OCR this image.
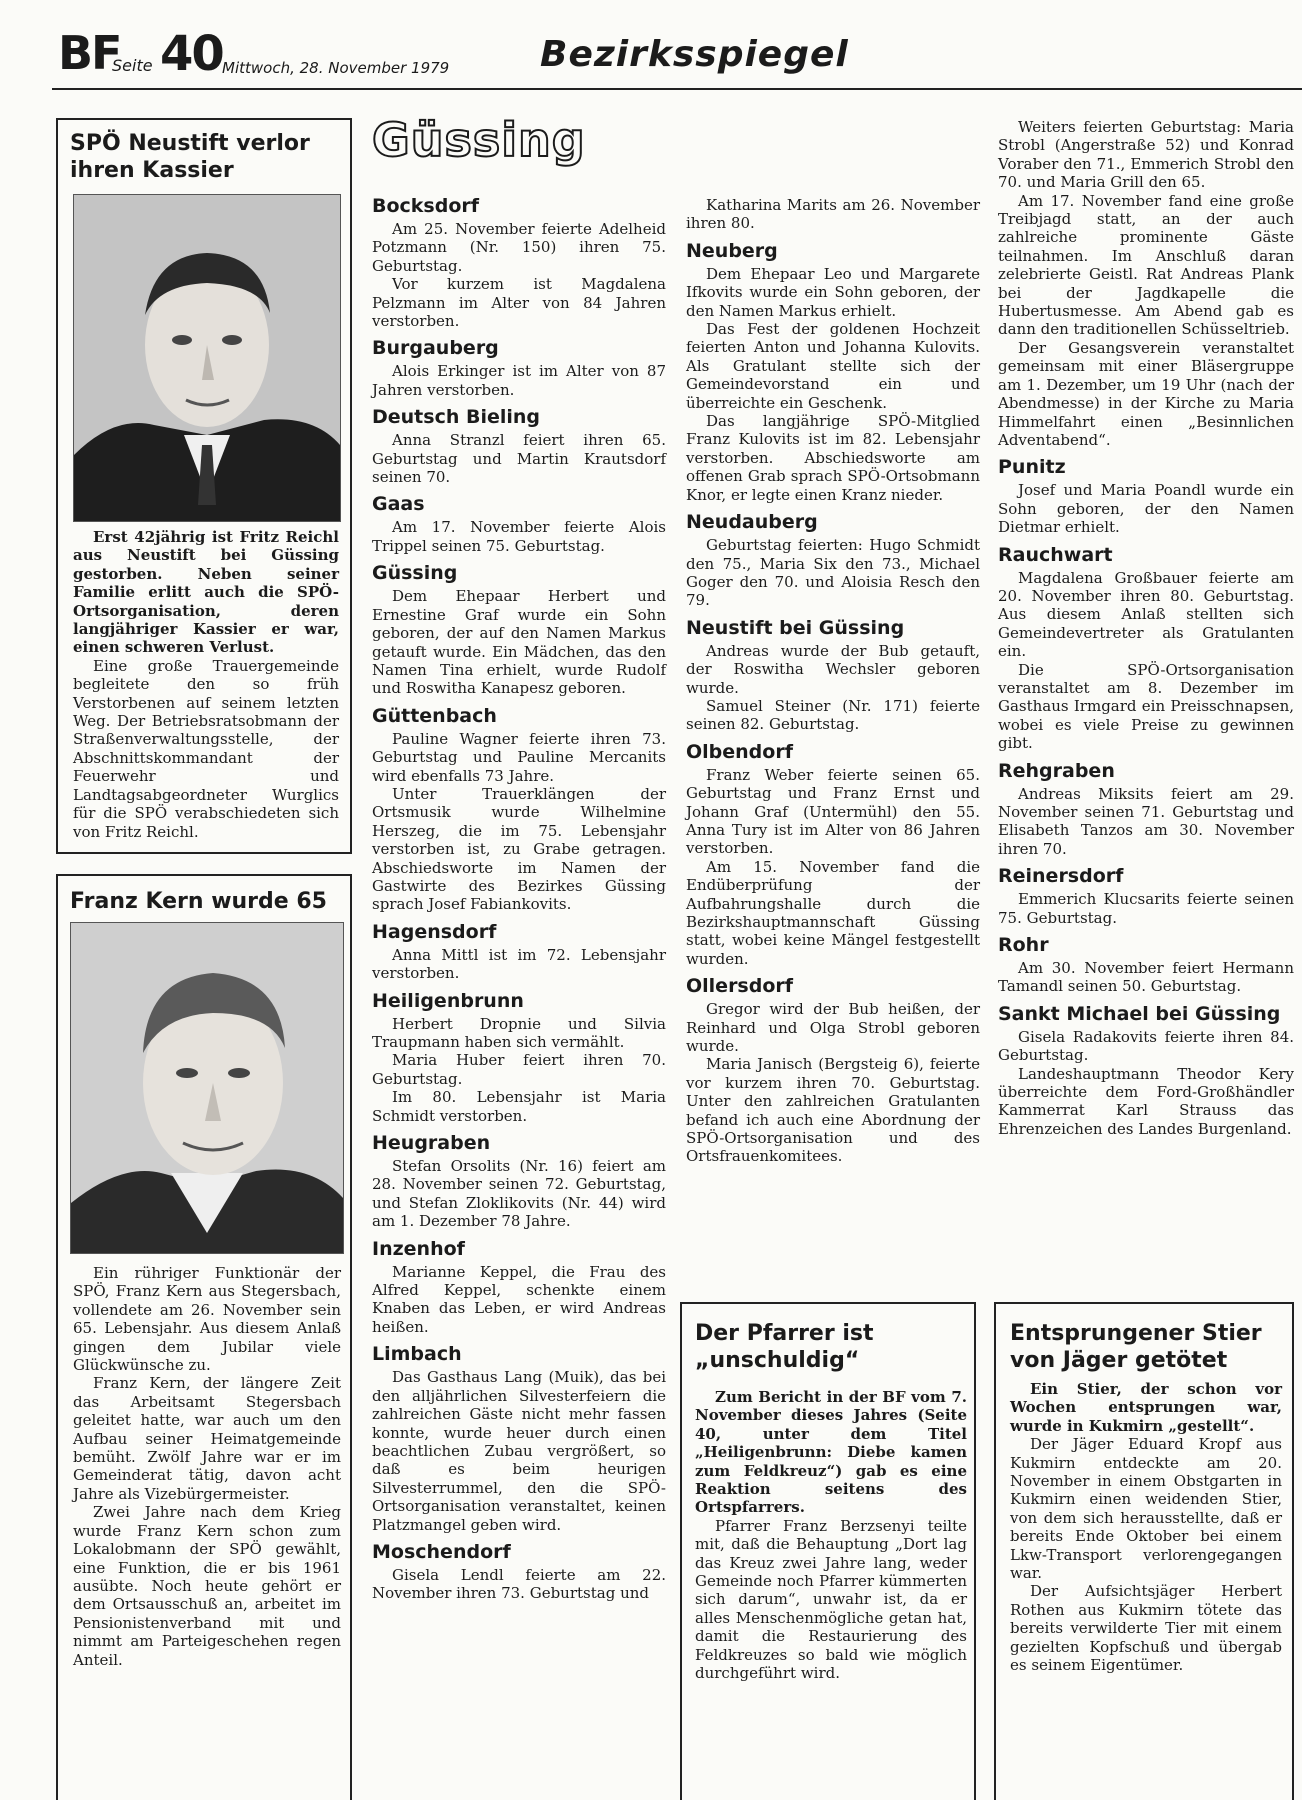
BF
Seite 40 Mittwoch, 28. November 1979	Bezirksspiegel

SPÖ Neustift verlor

ihren Kassier

Erst 42jährig ist Fritz Reichl aus Neustift bei Güssing gestorben. Neben seiner Familie erlitt auch die SPÖ-Ortsorganisation, deren langjähriger Kassier er war, einen schweren Verlust.

Eine große Trauergemeinde begleitete den so früh Verstorbenen auf seinem letzten Weg. Der Betriebsratsobmann der Straßenverwaltungsstelle, der Abschnittskommandant der Feuerwehr und Landtagsabgeordneter Wurglics für die SPÖ verabschiedeten sich von Fritz Reichl.

Franz Kern wurde 65

Ein rühriger Funktionär der SPÖ, Franz Kern aus Stegersbach, vollendete am 26. November sein 65. Lebensjahr. Aus diesem Anlaß gingen dem Jubilar viele Glückwünsche zu.

Franz Kern, der längere Zeit das Arbeitsamt Stegersbach geleitet hatte, war auch um den Aufbau seiner Heimatgemeinde bemüht. Zwölf Jahre war er im Gemeinderat tätig, davon acht Jahre als Vizebürgermeister.

Zwei Jahre nach dem Krieg wurde Franz Kern schon zum Lokalobmann der SPÖ gewählt, eine Funktion, die er bis 1961 ausübte. Noch heute gehört er dem Ortsausschuß an, arbeitet im Pensionistenverband mit und nimmt am Parteigeschehen regen Anteil.

Güssing
Bocksdorf

Am 25. November feierte Adelheid Potzmann (Nr. 150) ihren 75. Geburtstag.

Vor kurzem ist Magdalena Pelzmann im Alter von 84 Jahren verstorben.

Burgauberg

Alois Erkinger ist im Alter von 87 Jahren verstorben.

Deutsch Bieling

Anna Stranzl feiert ihren 65. Geburtstag und Martin Krautsdorf seinen 70.

Gaas

Am 17. November feierte Alois Trippel seinen 75. Geburtstag.

Güssing

Dem Ehepaar Herbert und Ernestine Graf wurde ein Sohn geboren, der auf den Namen Markus getauft wurde. Ein Mädchen, das den Namen Tina erhielt, wurde Rudolf und Roswitha Kanapesz geboren.

Güttenbach

Pauline Wagner feierte ihren 73. Geburtstag und Pauline Mercanits wird ebenfalls 73 Jahre.

Unter Trauerklängen der Ortsmusik wurde Wilhelmine Herszeg, die im 75. Lebensjahr verstorben ist, zu Grabe getragen. Abschiedsworte im Namen der Gastwirte des Bezirkes Güssing sprach Josef Fabiankovits.

Hagensdorf

Anna Mittl ist im 72. Lebensjahr verstorben.

Heiligenbrunn

Herbert Dropnie und Silvia Traupmann haben sich vermählt.

Maria Huber feiert ihren 70. Geburtstag.

Im 80. Lebensjahr ist Maria Schmidt verstorben.

Heugraben

Stefan Orsolits (Nr. 16) feiert am 28. November seinen 72. Geburtstag, und Stefan Zloklikovits (Nr. 44) wird am 1. Dezember 78 Jahre.

Inzenhof

Marianne Keppel, die Frau des Alfred Keppel, schenkte einem Knaben das Leben, er wird Andreas heißen.

Limbach

Das Gasthaus Lang (Muik), das bei den alljährlichen Silvesterfeiern die zahlreichen Gäste nicht mehr fassen konnte, wurde heuer durch einen beachtlichen Zubau vergrößert, so daß es beim heurigen Silvesterrummel, den die SPÖ-Ortsorganisation veranstaltet, keinen Platzmangel geben wird.

Moschendorf

Gisela Lendl feierte am 22. November ihren 73. Geburtstag und

Katharina Marits am 26. November ihren 80.

Neuberg

Dem Ehepaar Leo und Margarete Ifkovits wurde ein Sohn geboren, der den Namen Markus erhielt.

Das Fest der goldenen Hochzeit feierten Anton und Johanna Kulovits. Als Gratulant stellte sich der Gemeindevorstand ein und überreichte ein Geschenk.

Das langjährige SPÖ-Mitglied Franz Kulovits ist im 82. Lebensjahr verstorben. Abschiedsworte am offenen Grab sprach SPÖ-Ortsobmann Knor, er legte einen Kranz nieder.

Neudauberg

Geburtstag feierten: Hugo Schmidt den 75., Maria Six den 73., Michael Goger den 70. und Aloisia Resch den 79.

Neustift bei Güssing

Andreas wurde der Bub getauft, der Roswitha Wechsler geboren wurde.

Samuel Steiner (Nr. 171) feierte seinen 82. Geburtstag.

Olbendorf

Franz Weber feierte seinen 65. Geburtstag und Franz Ernst und Johann Graf (Untermühl) den 55. Anna Tury ist im Alter von 86 Jahren verstorben.

Am 15. November fand die Endüberprüfung der Aufbahrungshalle durch die Bezirkshauptmannschaft Güssing statt, wobei keine Mängel festgestellt wurden.

Ollersdorf

Gregor wird der Bub heißen, der Reinhard und Olga Strobl geboren wurde.

Maria Janisch (Bergsteig 6), feierte vor kurzem ihren 70. Geburtstag. Unter den zahlreichen Gratulanten befand ich auch eine Abordnung der SPÖ-Ortsorganisation und des Ortsfrauenkomitees.

Weiters feierten Geburtstag: Maria Strobl (Angerstraße 52) und Konrad Voraber den 71., Emmerich Strobl den 70. und Maria Grill den 65.

Am 17. November fand eine große Treibjagd statt, an der auch zahlreiche prominente Gäste teilnahmen. Im Anschluß daran zelebrierte Geistl. Rat Andreas Plank bei der Jagdkapelle die Hubertusmesse. Am Abend gab es dann den traditionellen Schüsseltrieb.

Der Gesangsverein veranstaltet gemeinsam mit einer Bläsergruppe am 1. Dezember, um 19 Uhr (nach der Abendmesse) in der Kirche zu Maria Himmelfahrt einen „Besinnlichen Adventabend“.

Punitz

Josef und Maria Poandl wurde ein Sohn geboren, der den Namen Dietmar erhielt.

Rauchwart

Magdalena Großbauer feierte am 20. November ihren 80. Geburtstag. Aus diesem Anlaß stellten sich Gemeindevertreter als Gratulanten ein.

Die SPÖ-Ortsorganisation veranstaltet am 8. Dezember im Gasthaus Irmgard ein Preisschnapsen, wobei es viele Preise zu gewinnen gibt.

Rehgraben

Andreas Miksits feiert am 29. November seinen 71. Geburtstag und Elisabeth Tanzos am 30. November ihren 70.

Reinersdorf

Emmerich Klucsarits feierte seinen 75. Geburtstag.

Rohr

Am 30. November feiert Hermann Tamandl seinen 50. Geburtstag.

Sankt Michael bei Güssing

Gisela Radakovits feierte ihren 84. Geburtstag.

Landeshauptmann Theodor Kery überreichte dem Ford-Großhändler Kammerrat Karl Strauss das Ehrenzeichen des Landes Burgenland.

Der Pfarrer ist

„unschuldig“

Zum Bericht in der BF vom 7. November dieses Jahres (Seite 40, unter dem Titel „Heiligenbrunn: Diebe kamen zum Feldkreuz“) gab es eine Reaktion seitens des Ortspfarrers.

Pfarrer Franz Berzsenyi teilte mit, daß die Behauptung „Dort lag das Kreuz zwei Jahre lang, weder Gemeinde noch Pfarrer kümmerten sich darum“, unwahr ist, da er alles Menschenmögliche getan hat, damit die Restaurierung des Feldkreuzes so bald wie möglich durchgeführt wird.

Entsprungener Stier

von Jäger getötet

Ein Stier, der schon vor Wochen entsprungen war, wurde in Kukmirn „gestellt“.

Der Jäger Eduard Kropf aus Kukmirn entdeckte am 20. November in einem Obstgarten in Kukmirn einen weidenden Stier, von dem sich herausstellte, daß er bereits Ende Oktober bei einem Lkw-Transport verlorengegangen war.

Der Aufsichtsjäger Herbert Rothen aus Kukmirn tötete das bereits verwilderte Tier mit einem gezielten Kopfschuß und übergab es seinem Eigentümer.
